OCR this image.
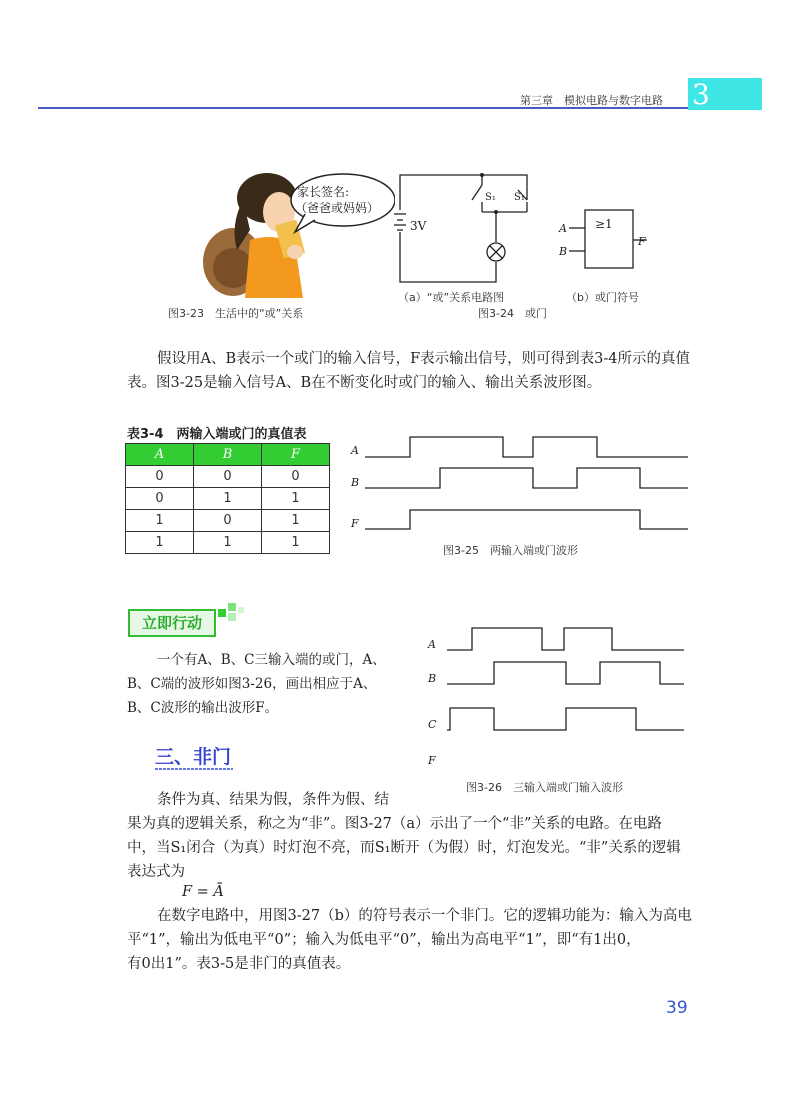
第三章　模拟电路与数字电路 3
家长签名:
（爸爸或妈妈）
图3-23　生活中的“或”关系
3V
S₁ S₁
（a）“或”关系电路图
≥1
A
B
F
（b）或门符号
图3-24　或门
假设用A、B表示一个或门的输入信号，F表示输出信号，则可得到表3-4所示的真值
表。图3-25是输入信号A、B在不断变化时或门的输入、输出关系波形图。
表3-4　两输入端或门的真值表
A	B	F
0	0	0
0	1	1
1	0	1
1	1	1
A
B
F
图3-25　两输入端或门波形
立即行动
一个有A、B、C三输入端的或门，A、
B、C端的波形如图3-26，画出相应于A、
B、C波形的输出波形F。
A
B
C
F
图3-26　三输入端或门输入波形
三、非门
条件为真、结果为假，条件为假、结
果为真的逻辑关系，称之为“非”。图3-27（a）示出了一个“非”关系的电路。在电路
中，当S₁闭合（为真）时灯泡不亮，而S₁断开（为假）时，灯泡发光。“非”关系的逻辑
表达式为
F = Ā
在数字电路中，用图3-27（b）的符号表示一个非门。它的逻辑功能为：输入为高电
平“1”，输出为低电平“0”；输入为低电平“0”，输出为高电平“1”，即“有1出0，
有0出1”。表3-5是非门的真值表。
39
